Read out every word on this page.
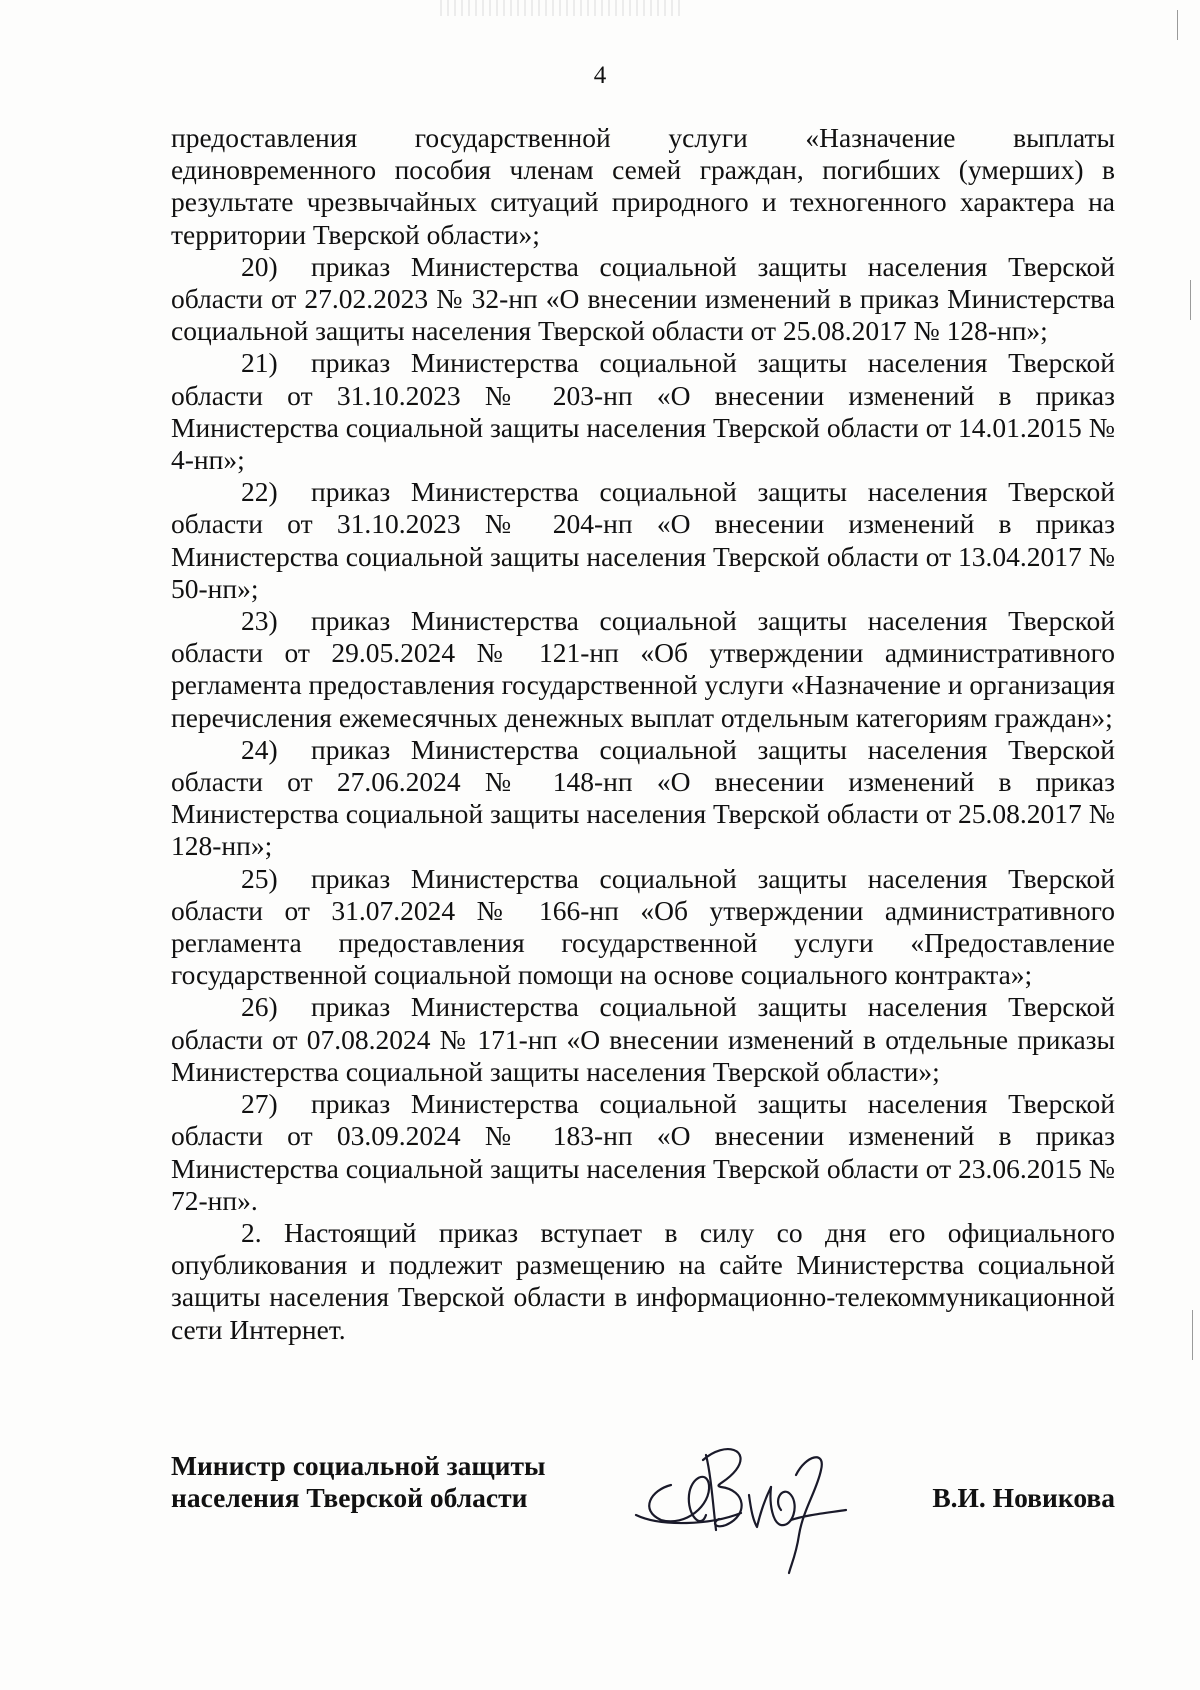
4

предоставления государственной услуги «Назначение выплаты единовременного пособия членам семей граждан, погибших (умерших) в результате чрезвычайных ситуаций природного и техногенного характера на территории Тверской области»;

20) приказ Министерства социальной защиты населения Тверской области от 27.02.2023 № 32-нп «О внесении изменений в приказ Министерства социальной защиты населения Тверской области от 25.08.2017 № 128-нп»;

21) приказ Министерства социальной защиты населения Тверской области от 31.10.2023 № 203-нп «О внесении изменений в приказ Министерства социальной защиты населения Тверской области от 14.01.2015 № 4-нп»;

22) приказ Министерства социальной защиты населения Тверской области от 31.10.2023 № 204-нп «О внесении изменений в приказ Министерства социальной защиты населения Тверской области от 13.04.2017 № 50-нп»;

23) приказ Министерства социальной защиты населения Тверской области от 29.05.2024 № 121-нп «Об утверждении административного регламента предоставления государственной услуги «Назначение и организация перечисления ежемесячных денежных выплат отдельным категориям граждан»;

24) приказ Министерства социальной защиты населения Тверской области от 27.06.2024 № 148-нп «О внесении изменений в приказ Министерства социальной защиты населения Тверской области от 25.08.2017 № 128-нп»;

25) приказ Министерства социальной защиты населения Тверской области от 31.07.2024 № 166-нп «Об утверждении административного регламента предоставления государственной услуги «Предоставление государственной социальной помощи на основе социального контракта»;

26) приказ Министерства социальной защиты населения Тверской области от 07.08.2024 № 171-нп «О внесении изменений в отдельные приказы Министерства социальной защиты населения Тверской области»;

27) приказ Министерства социальной защиты населения Тверской области от 03.09.2024 № 183-нп «О внесении изменений в приказ Министерства социальной защиты населения Тверской области от 23.06.2015 № 72-нп».

2. Настоящий приказ вступает в силу со дня его официального опубликования и подлежит размещению на сайте Министерства социальной защиты населения Тверской области в информационно-телекоммуникационной сети Интернет.

Министр социальной защиты
населения Тверской области	В.И. Новикова
